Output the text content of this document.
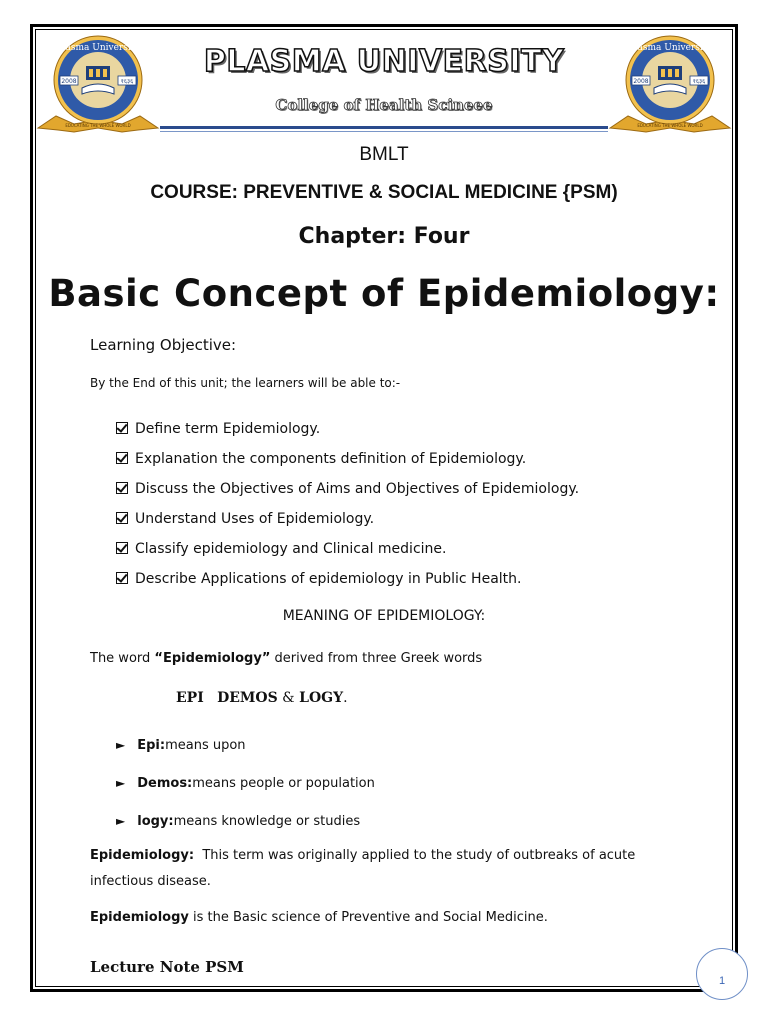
Plasma University
2008	१६३६
EDUCATING THE WHOLE WORLD
Plasma University
2008	१६३६
EDUCATING THE WHOLE WORLD
PLASMA UNIVERSITY
College of Health Scineee
BMLT
COURSE: PREVENTIVE & SOCIAL MEDICINE {PSM)
Chapter: Four
Basic Concept of Epidemiology:
Learning Objective:
By the End of this unit; the learners will be able to:-
Define term Epidemiology.
Explanation the components definition of Epidemiology.
Discuss the Objectives of Aims and Objectives of Epidemiology.
Understand Uses of Epidemiology.
Classify epidemiology and Clinical medicine.
Describe Applications of epidemiology in Public Health.
MEANING OF EPIDEMIOLOGY:
The word “Epidemiology” derived from three Greek words
EPI DEMOS & LOGY.
► Epi: means upon
► Demos: means people or population
► logy: means knowledge or studies
Epidemiology:  This term was originally applied to the study of outbreaks of acute infectious disease.
Epidemiology is the Basic science of Preventive and Social Medicine.
Lecture Note PSM
1
